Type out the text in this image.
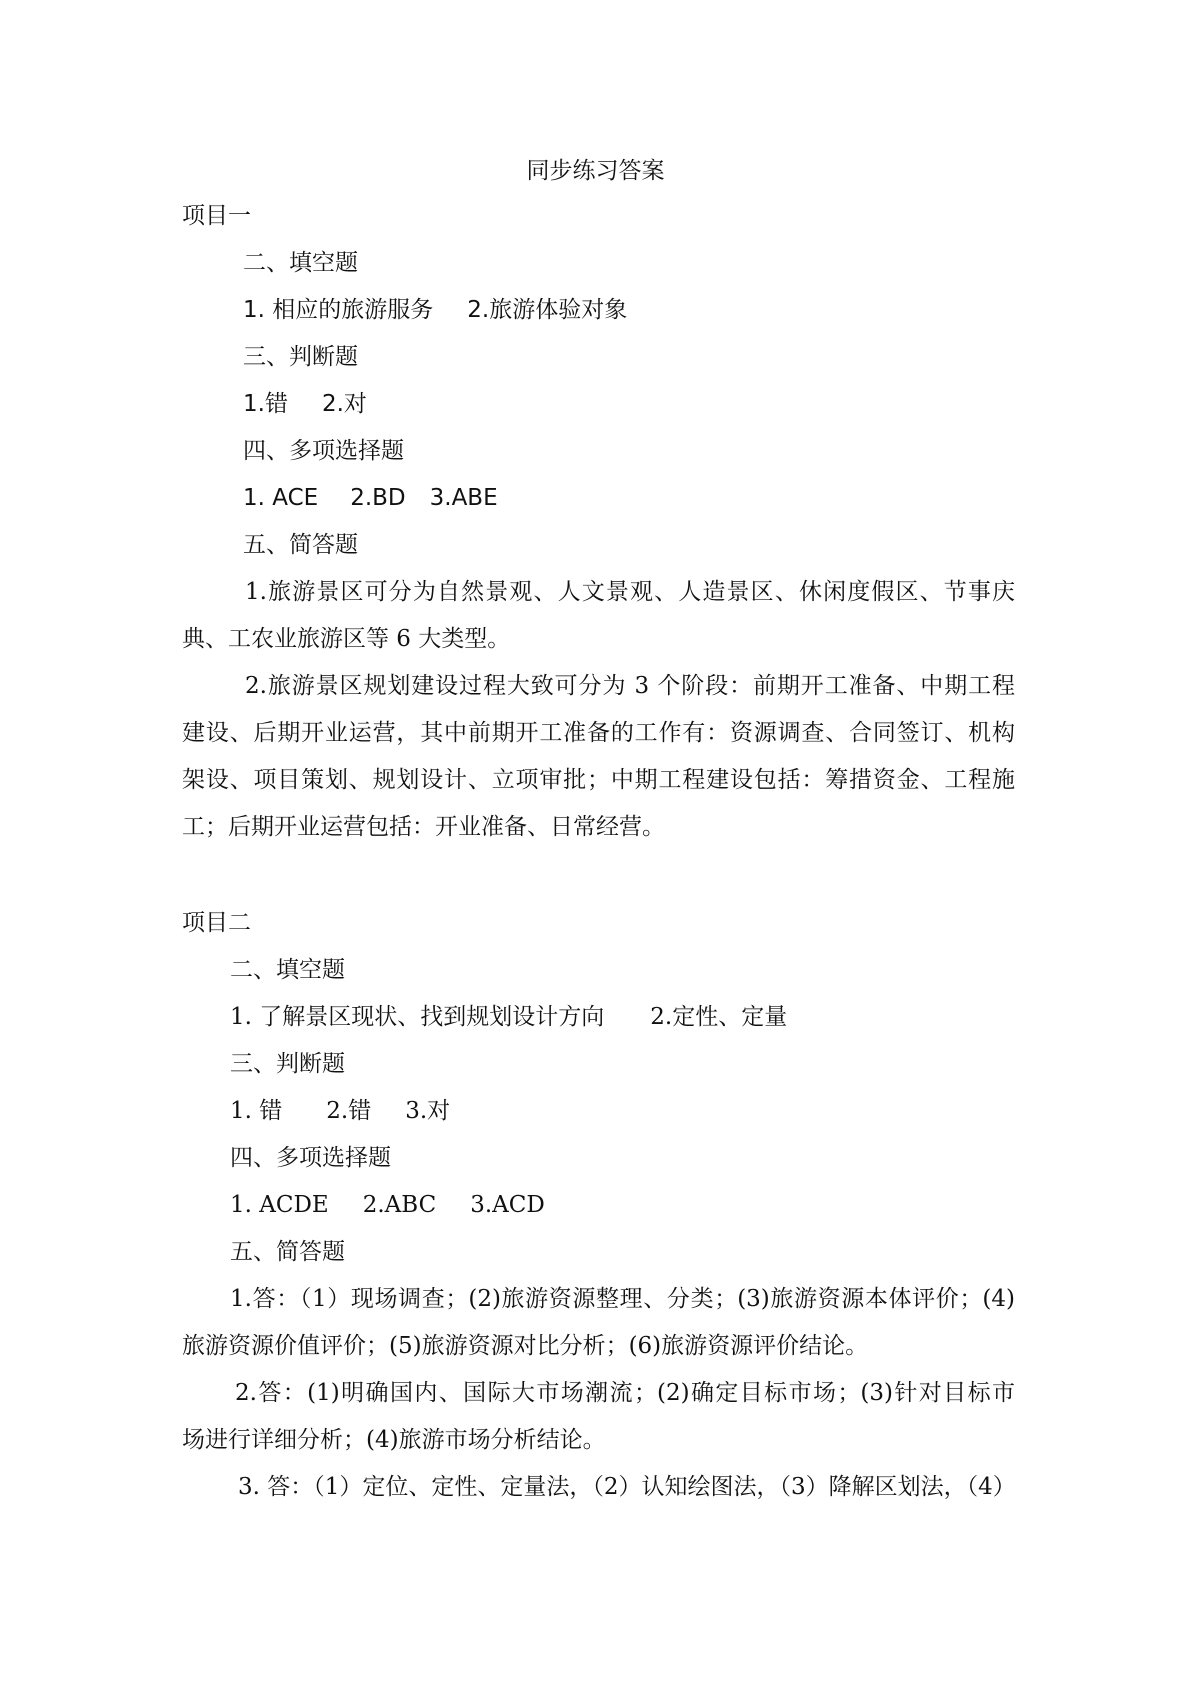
同步练习答案
项目一
二、填空题
1. 相应的旅游服务 2.旅游体验对象
三、判断题
1.错 2.对
四、多项选择题
1. ACE 2.BD 3.ABE
五、简答题
1.旅游景区可分为自然景观、人文景观、人造景区、休闲度假区、节事庆
典、工农业旅游区等 6 大类型。
2.旅游景区规划建设过程大致可分为 3 个阶段：前期开工准备、中期工程
建设、后期开业运营，其中前期开工准备的工作有：资源调查、合同签订、机构
架设、项目策划、规划设计、立项审批；中期工程建设包括：筹措资金、工程施
工；后期开业运营包括：开业准备、日常经营。
项目二
二、填空题
1. 了解景区现状、找到规划设计方向 2.定性、定量
三、判断题
1. 错 2.错 3.对
四、多项选择题
1. ACDE 2.ABC 3.ACD
五、简答题
1.答：（1）现场调查；(2)旅游资源整理、分类；(3)旅游资源本体评价；(4)
旅游资源价值评价；(5)旅游资源对比分析；(6)旅游资源评价结论。
2.答：(1)明确国内、国际大市场潮流；(2)确定目标市场；(3)针对目标市
场进行详细分析；(4)旅游市场分析结论。
3. 答：（1）定位、定性、定量法，（2）认知绘图法，（3）降解区划法，（4）
